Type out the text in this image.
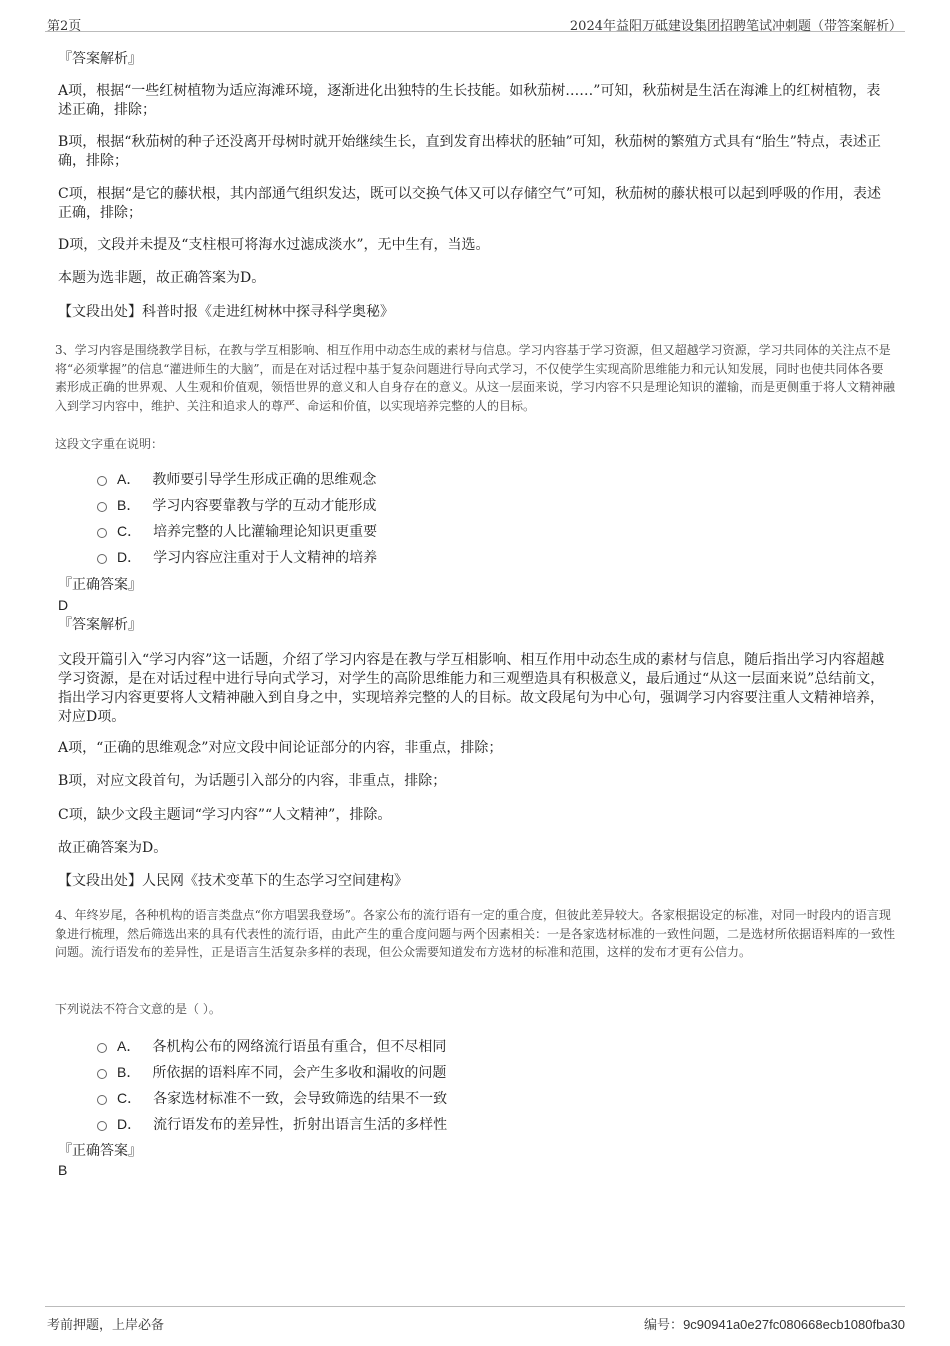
第2页	2024年益阳万砥建设集团招聘笔试冲刺题（带答案解析）
『答案解析』
A项，根据“一些红树植物为适应海滩环境，逐渐进化出独特的生长技能。如秋茄树……”可知，秋茄树是生活在海滩上的红树植物，表述正确，排除；
B项，根据“秋茄树的种子还没离开母树时就开始继续生长，直到发育出棒状的胚轴”可知，秋茄树的繁殖方式具有“胎生”特点，表述正确，排除；
C项，根据“是它的藤状根，其内部通气组织发达，既可以交换气体又可以存储空气”可知，秋茄树的藤状根可以起到呼吸的作用，表述正确，排除；
D项，文段并未提及“支柱根可将海水过滤成淡水”，无中生有，当选。
本题为选非题，故正确答案为D。
【文段出处】科普时报《走进红树林中探寻科学奥秘》
3、学习内容是围绕教学目标，在教与学互相影响、相互作用中动态生成的素材与信息。学习内容基于学习资源，但又超越学习资源，学习共同体的关注点不是将“必须掌握”的信息“灌进师生的大脑”，而是在对话过程中基于复杂问题进行导向式学习，不仅使学生实现高阶思维能力和元认知发展，同时也使共同体各要素形成正确的世界观、人生观和价值观，领悟世界的意义和人自身存在的意义。从这一层面来说，学习内容不只是理论知识的灌输，而是更侧重于将人文精神融入到学习内容中，维护、关注和追求人的尊严、命运和价值，以实现培养完整的人的目标。
这段文字重在说明：
A． 教师要引导学生形成正确的思维观念
B． 学习内容要靠教与学的互动才能形成
C． 培养完整的人比灌输理论知识更重要
D． 学习内容应注重对于人文精神的培养
『正确答案』
D
『答案解析』
文段开篇引入“学习内容”这一话题，介绍了学习内容是在教与学互相影响、相互作用中动态生成的素材与信息，随后指出学习内容超越学习资源，是在对话过程中进行导向式学习，对学生的高阶思维能力和三观塑造具有积极意义，最后通过“从这一层面来说”总结前文，指出学习内容更要将人文精神融入到自身之中，实现培养完整的人的目标。故文段尾句为中心句，强调学习内容要注重人文精神培养，对应D项。
A项，“正确的思维观念”对应文段中间论证部分的内容，非重点，排除；
B项，对应文段首句，为话题引入部分的内容，非重点，排除；
C项，缺少文段主题词“学习内容”“人文精神”，排除。
故正确答案为D。
【文段出处】人民网《技术变革下的生态学习空间建构》
4、年终岁尾，各种机构的语言类盘点“你方唱罢我登场”。各家公布的流行语有一定的重合度，但彼此差异较大。各家根据设定的标准，对同一时段内的语言现象进行梳理，然后筛选出来的具有代表性的流行语，由此产生的重合度问题与两个因素相关：一是各家选材标准的一致性问题，二是选材所依据语料库的一致性问题。流行语发布的差异性，正是语言生活复杂多样的表现，但公众需要知道发布方选材的标准和范围，这样的发布才更有公信力。
下列说法不符合文意的是（ ）。
A． 各机构公布的网络流行语虽有重合，但不尽相同
B． 所依据的语料库不同，会产生多收和漏收的问题
C． 各家选材标准不一致，会导致筛选的结果不一致
D． 流行语发布的差异性，折射出语言生活的多样性
『正确答案』
B
考前押题，上岸必备	编号：9c90941a0e27fc080668ecb1080fba30
